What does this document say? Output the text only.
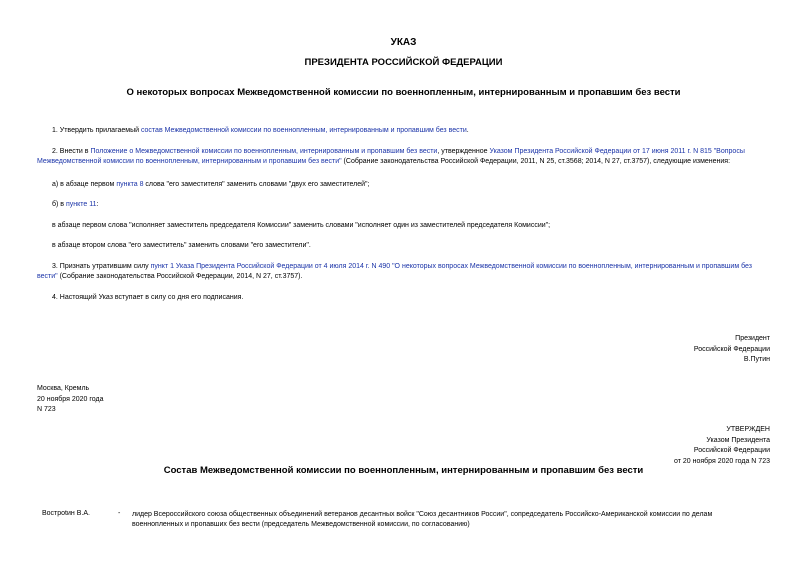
УКАЗ
ПРЕЗИДЕНТА РОССИЙСКОЙ ФЕДЕРАЦИИ
О некоторых вопросах Межведомственной комиссии по военнопленным, интернированным и пропавшим без вести
1. Утвердить прилагаемый состав Межведомственной комиссии по военнопленным, интернированным и пропавшим без вести.
2. Внести в Положение о Межведомственной комиссии по военнопленным, интернированным и пропавшим без вести, утвержденное Указом Президента Российской Федерации от 17 июня 2011 г. N 815 "Вопросы
Межведомственной комиссии по военнопленным, интернированным и пропавшим без вести" (Собрание законодательства Российской Федерации, 2011, N 25, ст.3568; 2014, N 27, ст.3757), следующие изменения:
а) в абзаце первом пункта 8 слова "его заместителя" заменить словами "двух его заместителей";
б) в пункте 11:
в абзаце первом слова "исполняет заместитель председателя Комиссии" заменить словами "исполняет один из заместителей председателя Комиссии";
в абзаце втором слова "его заместитель" заменить словами "его заместители".
3. Признать утратившим силу пункт 1 Указа Президента Российской Федерации от 4 июля 2014 г. N 490 "О некоторых вопросах Межведомственной комиссии по военнопленным, интернированным и пропавшим без
вести" (Собрание законодательства Российской Федерации, 2014, N 27, ст.3757).
4. Настоящий Указ вступает в силу со дня его подписания.
Президент
Российской Федерации
В.Путин
Москва, Кремль
20 ноября 2020 года
N 723
УТВЕРЖДЕН
Указом Президента
Российской Федерации
от 20 ноября 2020 года N 723
Состав Межведомственной комиссии по военнопленным, интернированным и пропавшим без вести
Вострotин В.А.	- лидер Всероссийского союза общественных объединений ветеранов десантных войск "Союз десантников России", сопредседатель Российско-Американской комиссии по делам военнопленных и пропавших без вести (председатель Межведомственной комиссии, по согласованию)
